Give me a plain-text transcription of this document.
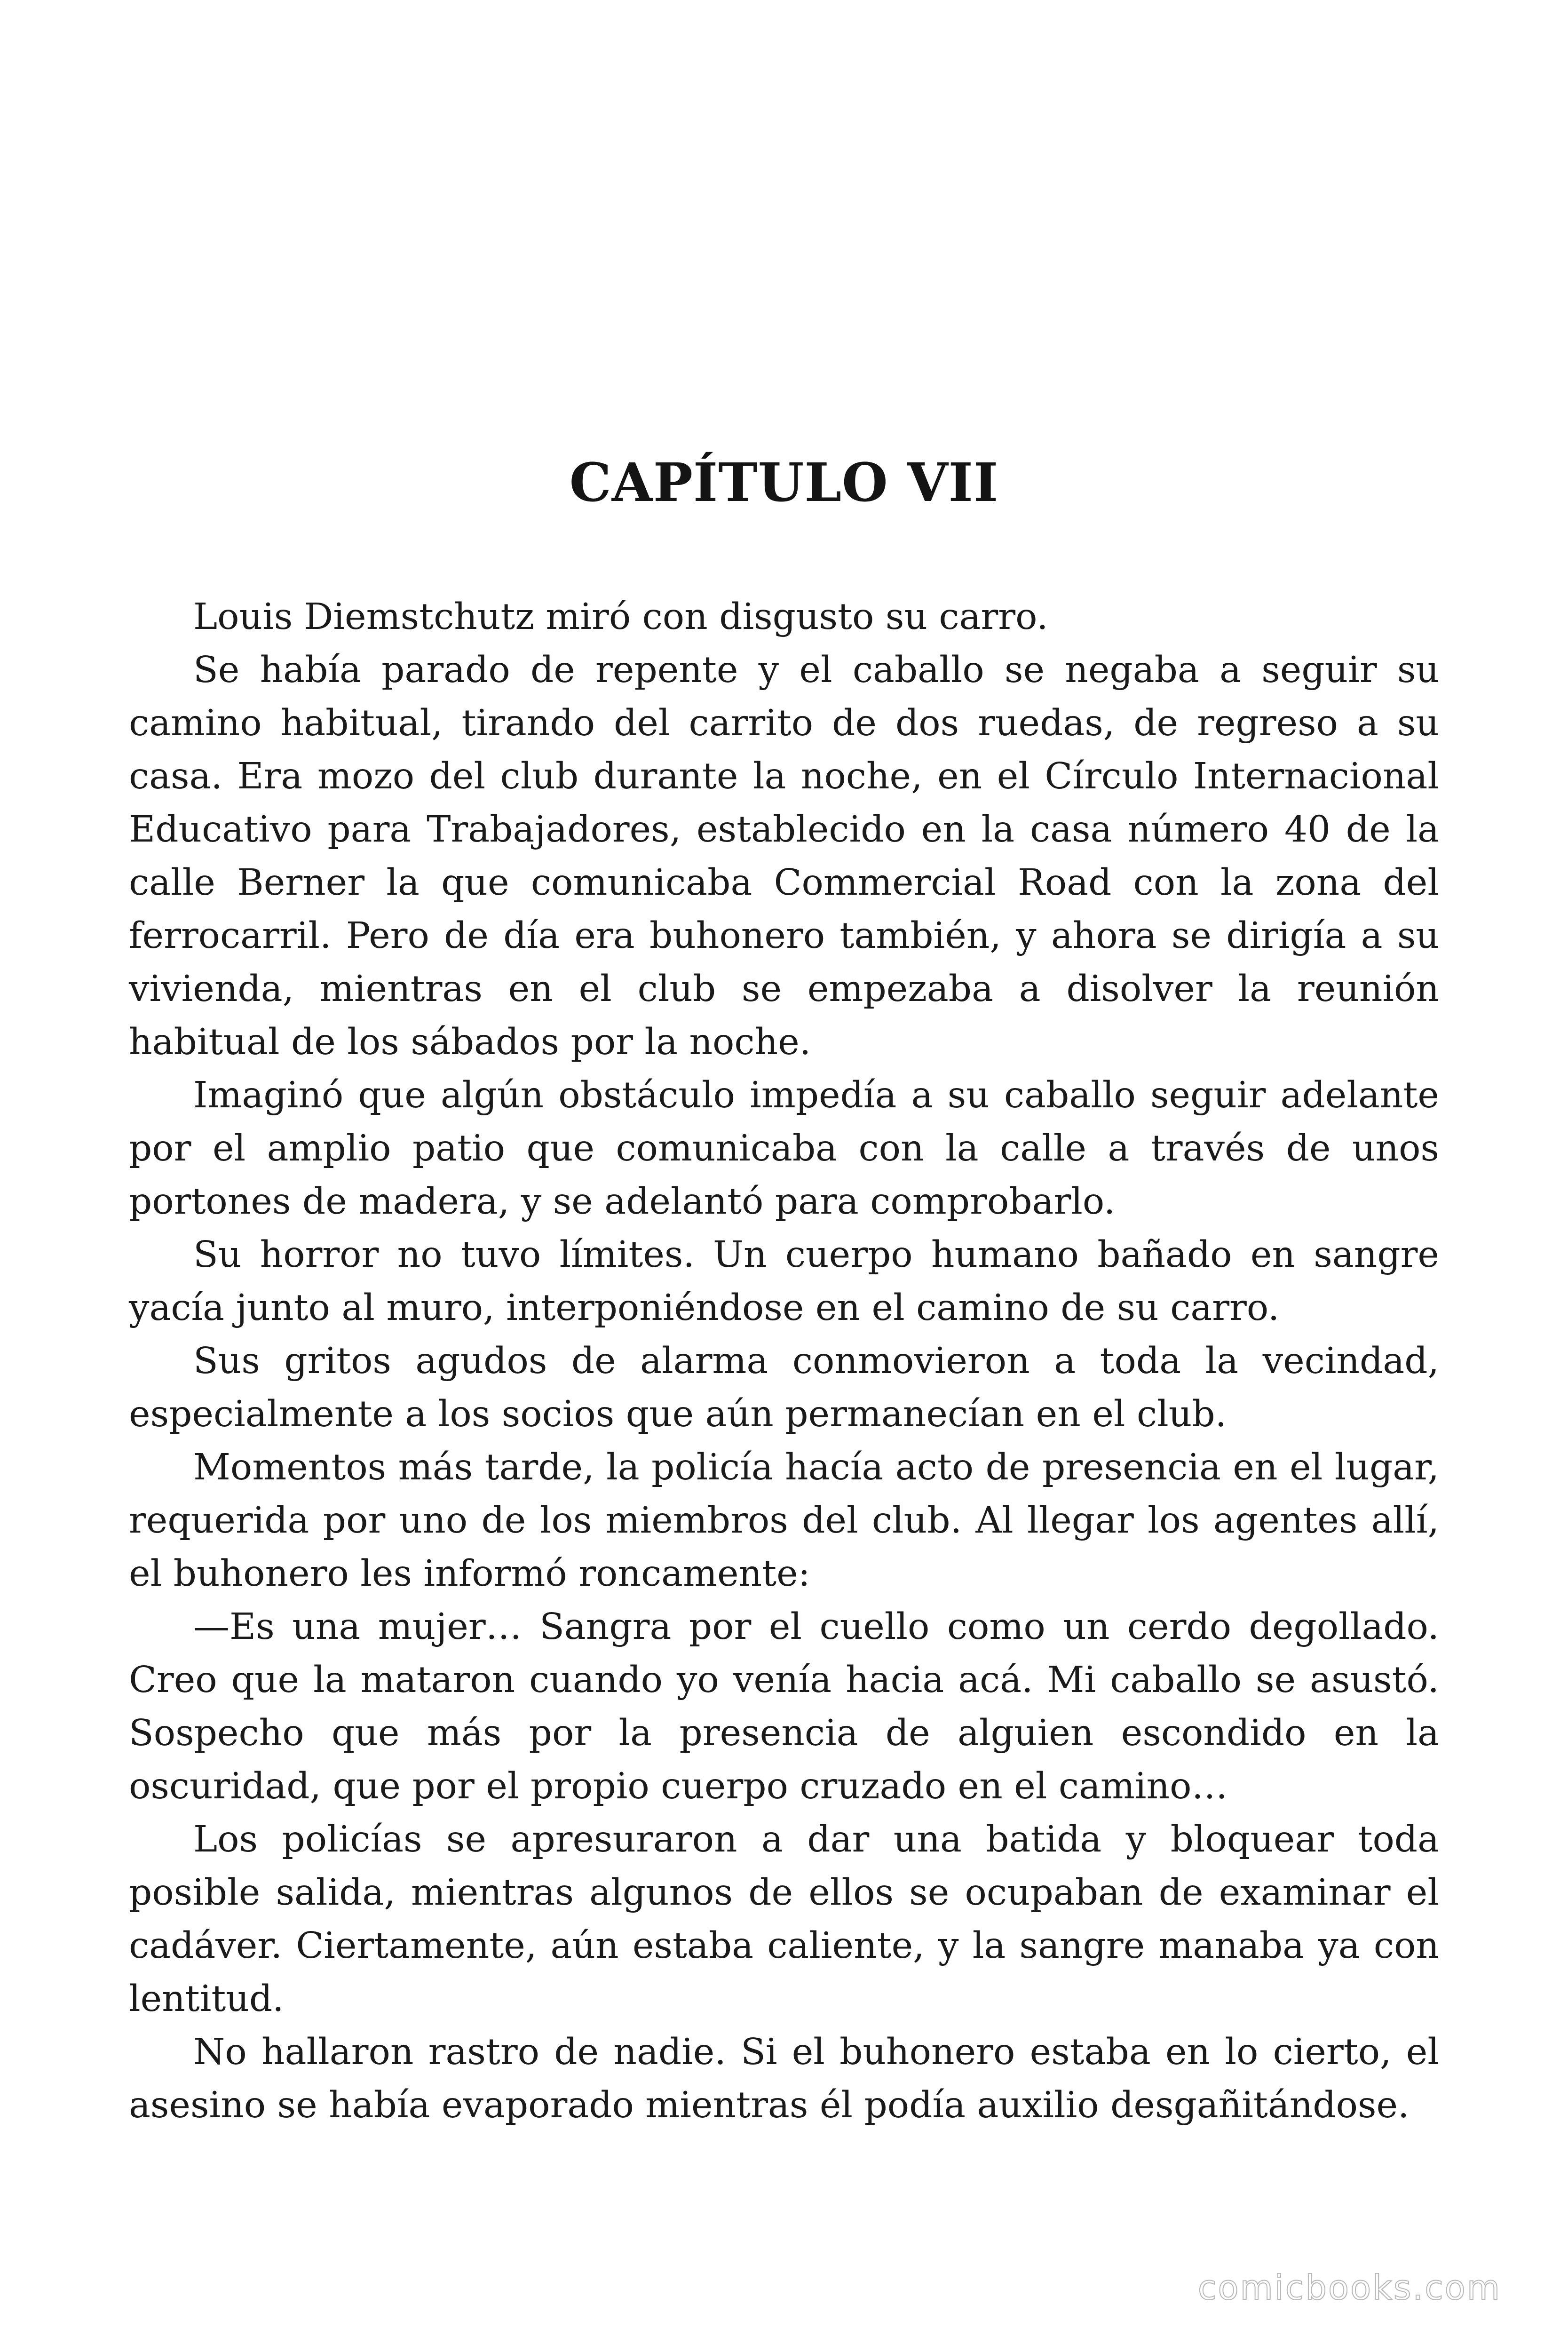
CAPÍTULO VII

Louis Diemstchutz miró con disgusto su carro.

Se había parado de repente y el caballo se negaba a seguir su camino habitual, tirando del carrito de dos ruedas, de regreso a su casa. Era mozo del club durante la noche, en el Círculo Internacional Educativo para Trabajadores, establecido en la casa número 40 de la calle Berner la que comunicaba Commercial Road con la zona del ferrocarril. Pero de día era buhonero también, y ahora se dirigía a su vivienda, mientras en el club se empezaba a disolver la reunión habitual de los sábados por la noche.

Imaginó que algún obstáculo impedía a su caballo seguir adelante por el amplio patio que comunicaba con la calle a través de unos portones de madera, y se adelantó para comprobarlo.

Su horror no tuvo límites. Un cuerpo humano bañado en sangre yacía junto al muro, interponiéndose en el camino de su carro.

Sus gritos agudos de alarma conmovieron a toda la vecindad, especialmente a los socios que aún permanecían en el club.

Momentos más tarde, la policía hacía acto de presencia en el lugar, requerida por uno de los miembros del club. Al llegar los agentes allí, el buhonero les informó roncamente:

—Es una mujer… Sangra por el cuello como un cerdo degollado. Creo que la mataron cuando yo venía hacia acá. Mi caballo se asustó. Sospecho que más por la presencia de alguien escondido en la oscuridad, que por el propio cuerpo cruzado en el camino…

Los policías se apresuraron a dar una batida y bloquear toda posible salida, mientras algunos de ellos se ocupaban de examinar el cadáver. Ciertamente, aún estaba caliente, y la sangre manaba ya con lentitud.

No hallaron rastro de nadie. Si el buhonero estaba en lo cierto, el asesino se había evaporado mientras él podía auxilio desgañitándose.

comicbooks.com
